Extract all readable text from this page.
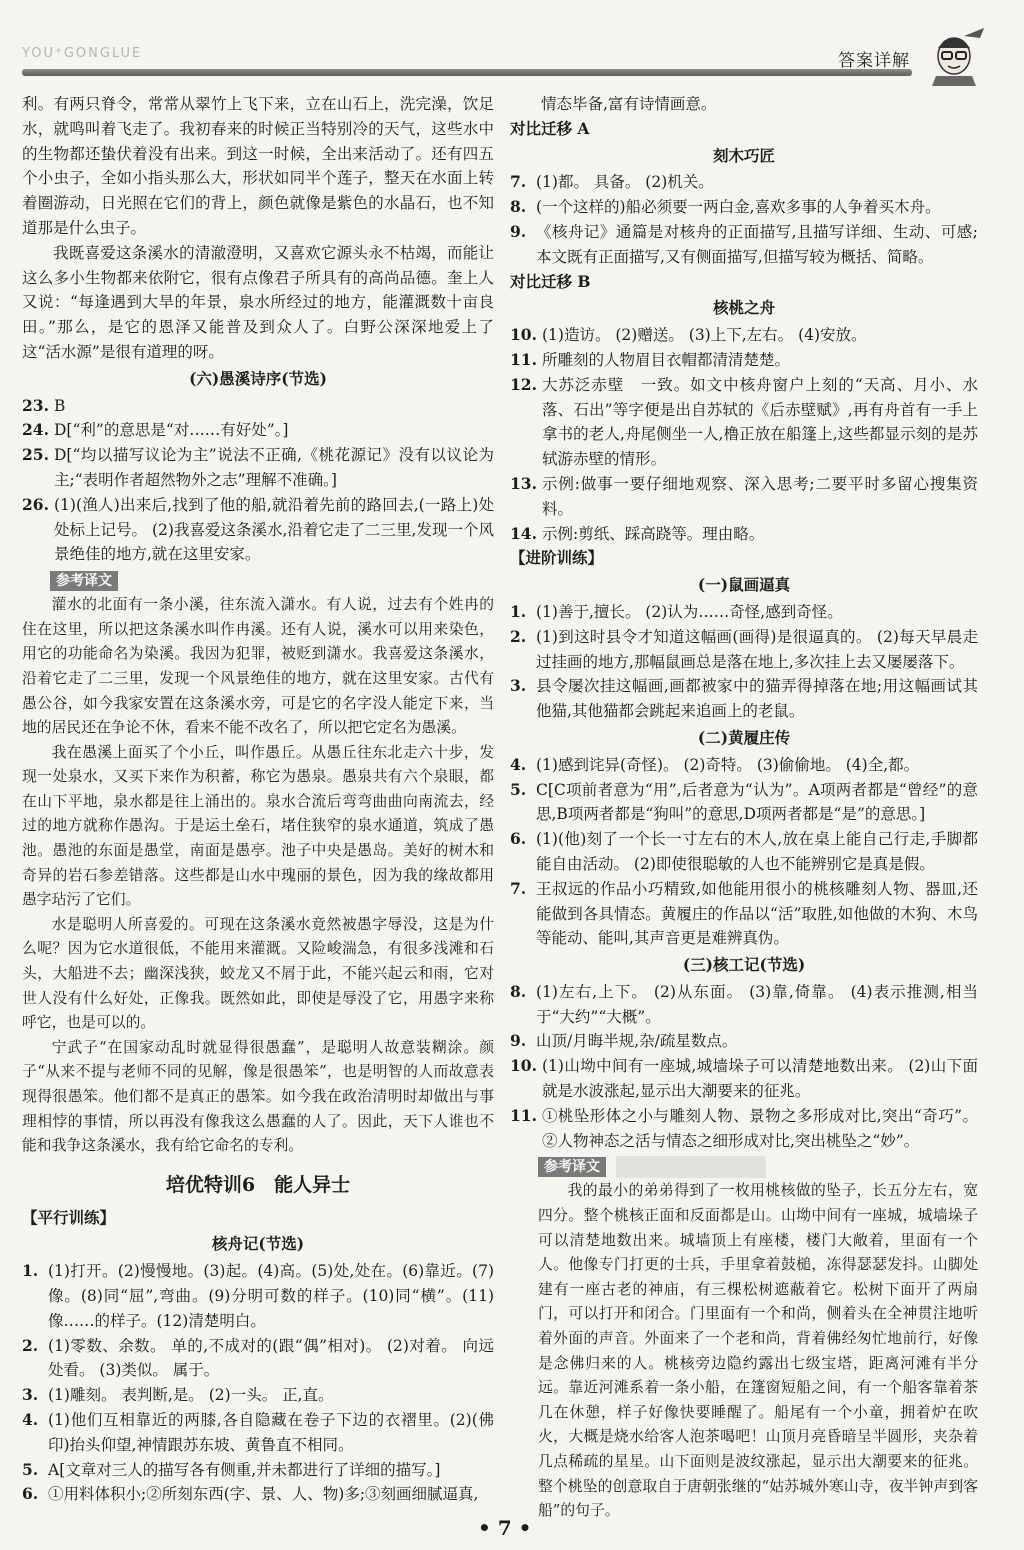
YOU⁺GONGLUE	答案详解

利。有两只脊令，常常从翠竹上飞下来，立在山石上，洗完澡，饮足水，就鸣叫着飞走了。我初春来的时候正当特别冷的天气，这些水中的生物都还蛰伏着没有出来。到这一时候，全出来活动了。还有四五个小虫子，全如小指头那么大，形状如同半个莲子，整天在水面上转着圈游动，日光照在它们的背上，颜色就像是紫色的水晶石，也不知道那是什么虫子。

我既喜爱这条溪水的清澈澄明，又喜欢它源头永不枯竭，而能让这么多小生物都来依附它，很有点像君子所具有的高尚品德。奎上人又说：“每逢遇到大旱的年景，泉水所经过的地方，能灌溉数十亩良田。”那么，是它的恩泽又能普及到众人了。白野公深深地爱上了这“活水源”是很有道理的呀。

(六)愚溪诗序(节选)
23. B
24. D[“利”的意思是“对……有好处”。]
25. D[“均以描写议论为主”说法不正确,《桃花源记》没有以议论为主;“表明作者超然物外之志”理解不准确。]
26. (1)(渔人)出来后,找到了他的船,就沿着先前的路回去,(一路上)处处标上记号。 (2)我喜爱这条溪水,沿着它走了二三里,发现一个风景绝佳的地方,就在这里安家。
参考译文

灌水的北面有一条小溪，往东流入潇水。有人说，过去有个姓冉的住在这里，所以把这条溪水叫作冉溪。还有人说，溪水可以用来染色，用它的功能命名为染溪。我因为犯罪，被贬到潇水。我喜爱这条溪水，沿着它走了二三里，发现一个风景绝佳的地方，就在这里安家。古代有愚公谷，如今我家安置在这条溪水旁，可是它的名字没人能定下来，当地的居民还在争论不休，看来不能不改名了，所以把它定名为愚溪。

我在愚溪上面买了个小丘，叫作愚丘。从愚丘往东北走六十步，发现一处泉水，又买下来作为积蓄，称它为愚泉。愚泉共有六个泉眼，都在山下平地，泉水都是往上涌出的。泉水合流后弯弯曲曲向南流去，经过的地方就称作愚沟。于是运土垒石，堵住狭窄的泉水通道，筑成了愚池。愚池的东面是愚堂，南面是愚亭。池子中央是愚岛。美好的树木和奇异的岩石参差错落。这些都是山水中瑰丽的景色，因为我的缘故都用愚字玷污了它们。

水是聪明人所喜爱的。可现在这条溪水竟然被愚字辱没，这是为什么呢？因为它水道很低，不能用来灌溉。又险峻湍急，有很多浅滩和石头，大船进不去；幽深浅狭，蛟龙又不屑于此，不能兴起云和雨，它对世人没有什么好处，正像我。既然如此，即使是辱没了它，用愚字来称呼它，也是可以的。

宁武子“在国家动乱时就显得很愚蠢”，是聪明人故意装糊涂。颜子“从来不提与老师不同的见解，像是很愚笨”，也是明智的人而故意表现得很愚笨。他们都不是真正的愚笨。如今我在政治清明时却做出与事理相悖的事情，所以再没有像我这么愚蠢的人了。因此，天下人谁也不能和我争这条溪水，我有给它命名的专利。

培优特训6　能人异士
【平行训练】
核舟记(节选)
1. (1)打开。(2)慢慢地。(3)起。(4)高。(5)处,处在。(6)靠近。(7)像。(8)同“屈”,弯曲。(9)分明可数的样子。(10)同“横”。(11)像……的样子。(12)清楚明白。
2. (1)零数、余数。 单的,不成对的(跟“偶”相对)。 (2)对着。 向远处看。 (3)类似。 属于。
3. (1)雕刻。 表判断,是。 (2)一头。 正,直。
4. (1)他们互相靠近的两膝,各自隐藏在卷子下边的衣褶里。(2)(佛印)抬头仰望,神情跟苏东坡、黄鲁直不相同。
5. A[文章对三人的描写各有侧重,并未都进行了详细的描写。]
6. ①用料体积小;②所刻东西(字、景、人、物)多;③刻画细腻逼真,

情态毕备,富有诗情画意。

对比迁移 A
刻木巧匠
7. (1)都。 具备。 (2)机关。
8. (一个这样的)船必须要一两白金,喜欢多事的人争着买木舟。
9. 《核舟记》通篇是对核舟的正面描写,且描写详细、生动、可感;本文既有正面描写,又有侧面描写,但描写较为概括、简略。
对比迁移 B
核桃之舟
10. (1)造访。 (2)赠送。 (3)上下,左右。 (4)安放。
11. 所雕刻的人物眉目衣帽都清清楚楚。
12. 大苏泛赤壁　一致。如文中核舟窗户上刻的“天高、月小、水落、石出”等字便是出自苏轼的《后赤壁赋》,再有舟首有一手上拿书的老人,舟尾侧坐一人,橹正放在船篷上,这些都显示刻的是苏轼游赤壁的情形。
13. 示例:做事一要仔细地观察、深入思考;二要平时多留心搜集资料。
14. 示例:剪纸、踩高跷等。理由略。
【进阶训练】
(一)鼠画逼真
1. (1)善于,擅长。 (2)认为……奇怪,感到奇怪。
2. (1)到这时县令才知道这幅画(画得)是很逼真的。 (2)每天早晨走过挂画的地方,那幅鼠画总是落在地上,多次挂上去又屡屡落下。
3. 县令屡次挂这幅画,画都被家中的猫弄得掉落在地;用这幅画试其他猫,其他猫都会跳起来追画上的老鼠。
(二)黄履庄传
4. (1)感到诧异(奇怪)。 (2)奇特。 (3)偷偷地。 (4)全,都。
5. C[C项前者意为“用”,后者意为“认为”。A项两者都是“曾经”的意思,B项两者都是“狗叫”的意思,D项两者都是“是”的意思。]
6. (1)(他)刻了一个长一寸左右的木人,放在桌上能自己行走,手脚都能自由活动。 (2)即使很聪敏的人也不能辨别它是真是假。
7. 王叔远的作品小巧精致,如他能用很小的桃核雕刻人物、器皿,还能做到各具情态。黄履庄的作品以“活”取胜,如他做的木狗、木鸟等能动、能叫,其声音更是难辨真伪。
(三)核工记(节选)
8. (1)左右,上下。 (2)从东面。 (3)靠,倚靠。 (4)表示推测,相当于“大约”“大概”。
9. 山顶/月晦半规,杂/疏星数点。
10. (1)山坳中间有一座城,城墙垛子可以清楚地数出来。 (2)山下面就是水波涨起,显示出大潮要来的征兆。
11. ①桃坠形体之小与雕刻人物、景物之多形成对比,突出“奇巧”。②人物神态之活与情态之细形成对比,突出桃坠之“妙”。
参考译文

我的最小的弟弟得到了一枚用桃核做的坠子，长五分左右，宽四分。整个桃核正面和反面都是山。山坳中间有一座城，城墙垛子可以清楚地数出来。城墙顶上有座楼，楼门大敞着，里面有一个人。他像专门打更的士兵，手里拿着鼓槌，冻得瑟瑟发抖。山脚处建有一座古老的神庙，有三棵松树遮蔽着它。松树下面开了两扇门，可以打开和闭合。门里面有一个和尚，侧着头在全神贯注地听着外面的声音。外面来了一个老和尚，背着佛经匆忙地前行，好像是念佛归来的人。桃核旁边隐约露出七级宝塔，距离河滩有半分远。靠近河滩系着一条小船，在篷窗短船之间，有一个船客靠着茶几在休憩，样子好像快要睡醒了。船尾有一个小童，拥着炉在吹火，大概是烧水给客人泡茶喝吧！山顶月亮昏暗呈半圆形，夹杂着几点稀疏的星星。山下面则是波纹涨起，显示出大潮要来的征兆。整个桃坠的创意取自于唐朝张继的“姑苏城外寒山寺，夜半钟声到客船”的句子。

• 7 •
